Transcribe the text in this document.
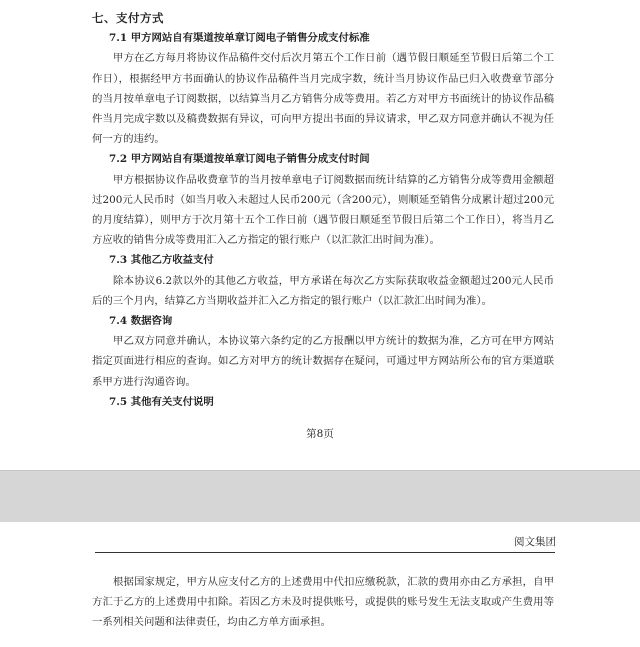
七、支付方式
7.1 甲方网站自有渠道按单章订阅电子销售分成支付标准

甲方在乙方每月将协议作品稿件交付后次月第五个工作日前（遇节假日顺延至节假日后第二个工作日），根据经甲方书面确认的协议作品稿件当月完成字数，统计当月协议作品已归入收费章节部分的当月按单章电子订阅数据，以结算当月乙方销售分成等费用。若乙方对甲方书面统计的协议作品稿件当月完成字数以及稿费数据有异议，可向甲方提出书面的异议请求，甲乙双方同意并确认不视为任何一方的违约。

7.2 甲方网站自有渠道按单章订阅电子销售分成支付时间

甲方根据协议作品收费章节的当月按单章电子订阅数据而统计结算的乙方销售分成等费用金额超过200元人民币时（如当月收入未超过人民币200元（含200元），则顺延至销售分成累计超过200元的月度结算），则甲方于次月第十五个工作日前（遇节假日顺延至节假日后第二个工作日），将当月乙方应收的销售分成等费用汇入乙方指定的银行账户（以汇款汇出时间为准）。

7.3 其他乙方收益支付

除本协议6.2款以外的其他乙方收益，甲方承诺在每次乙方实际获取收益金额超过200元人民币后的三个月内，结算乙方当期收益并汇入乙方指定的银行账户（以汇款汇出时间为准）。

7.4 数据咨询

甲乙双方同意并确认，本协议第六条约定的乙方报酬以甲方统计的数据为准，乙方可在甲方网站指定页面进行相应的查询。如乙方对甲方的统计数据存在疑问，可通过甲方网站所公布的官方渠道联系甲方进行沟通咨询。

7.5 其他有关支付说明
第8页
阅文集团

根据国家规定，甲方从应支付乙方的上述费用中代扣应缴税款，汇款的费用亦由乙方承担，自甲方汇于乙方的上述费用中扣除。若因乙方未及时提供账号，或提供的账号发生无法支取或产生费用等一系列相关问题和法律责任，均由乙方单方面承担。
